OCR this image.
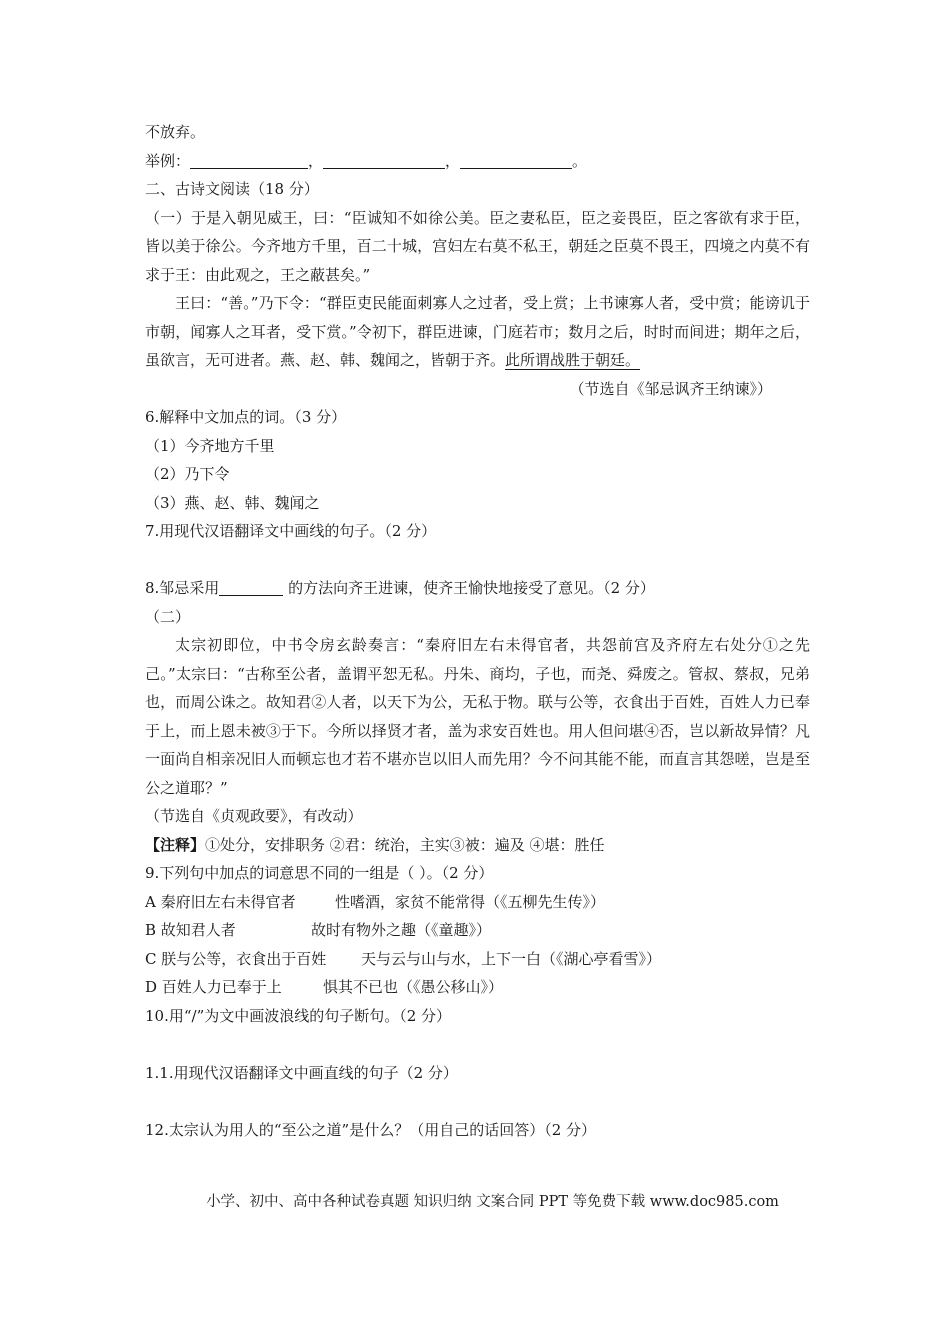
不放弃。
举例：	，	，	。
二、古诗文阅读（18 分）
（一）于是入朝见威王，曰：“臣诚知不如徐公美。臣之妻私臣，臣之妾畏臣，臣之客欲有求于臣，皆以美于徐公。今齐地方千里，百二十城，宫妇左右莫不私王，朝廷之臣莫不畏王，四境之内莫不有求于王：由此观之，王之蔽甚矣。”
王曰：“善。”乃下令：“群臣吏民能面刺寡人之过者，受上赏；上书谏寡人者，受中赏；能谤讥于市朝，闻寡人之耳者，受下赏。”令初下，群臣进谏，门庭若市；数月之后，时时而间进；期年之后，虽欲言，无可进者。燕、赵、韩、魏闻之，皆朝于齐。此所谓战胜于朝廷。
（节选自《邹忌讽齐王纳谏》）
6.解释中文加点的词。（3 分）
（1）今齐地方千里
（2）乃下令
（3）燕、赵、韩、魏闻之
7.用现代汉语翻译文中画线的句子。（2 分）
8.邹忌采用	的方法向齐王进谏，使齐王愉快地接受了意见。（2 分）
（二）
太宗初即位，中书令房玄龄奏言：“秦府旧左右未得官者，共怨前宫及齐府左右处分①之先己。”太宗曰：“古称至公者，盖谓平恕无私。丹朱、商均，子也，而尧、舜废之。管叔、蔡叔，兄弟也，而周公诛之。故知君②人者，以天下为公，无私于物。联与公等，衣食出于百姓，百姓人力已奉于上，而上恩未被③于下。今所以择贤才者，盖为求安百姓也。用人但问堪④否，岂以新故异情？凡一面尚自相亲况旧人而顿忘也才若不堪亦岂以旧人而先用？今不问其能不能，而直言其怨嗟，岂是至公之道耶？”
（节选自《贞观政要》，有改动）
【注释】①处分，安排职务 ②君：统治，主实③被：遍及 ④堪：胜任
9.下列句中加点的词意思不同的一组是（ ）。（2 分）
A 秦府旧左右未得官者	性嗜酒，家贫不能常得（《五柳先生传》）
B 故知君人者	故时有物外之趣（《童趣》）
C 朕与公等，衣食出于百姓 天与云与山与水，上下一白（《湖心亭看雪》）
D 百姓人力已奉于上	惧其不已也（《愚公移山》）
10.用“/”为文中画波浪线的句子断句。（2 分）
1.1.用现代汉语翻译文中画直线的句子（2 分）
12.太宗认为用人的“至公之道”是什么？（用自己的话回答）（2 分）
小学、初中、高中各种试卷真题 知识归纳 文案合同 PPT 等免费下载 www.doc985.com
